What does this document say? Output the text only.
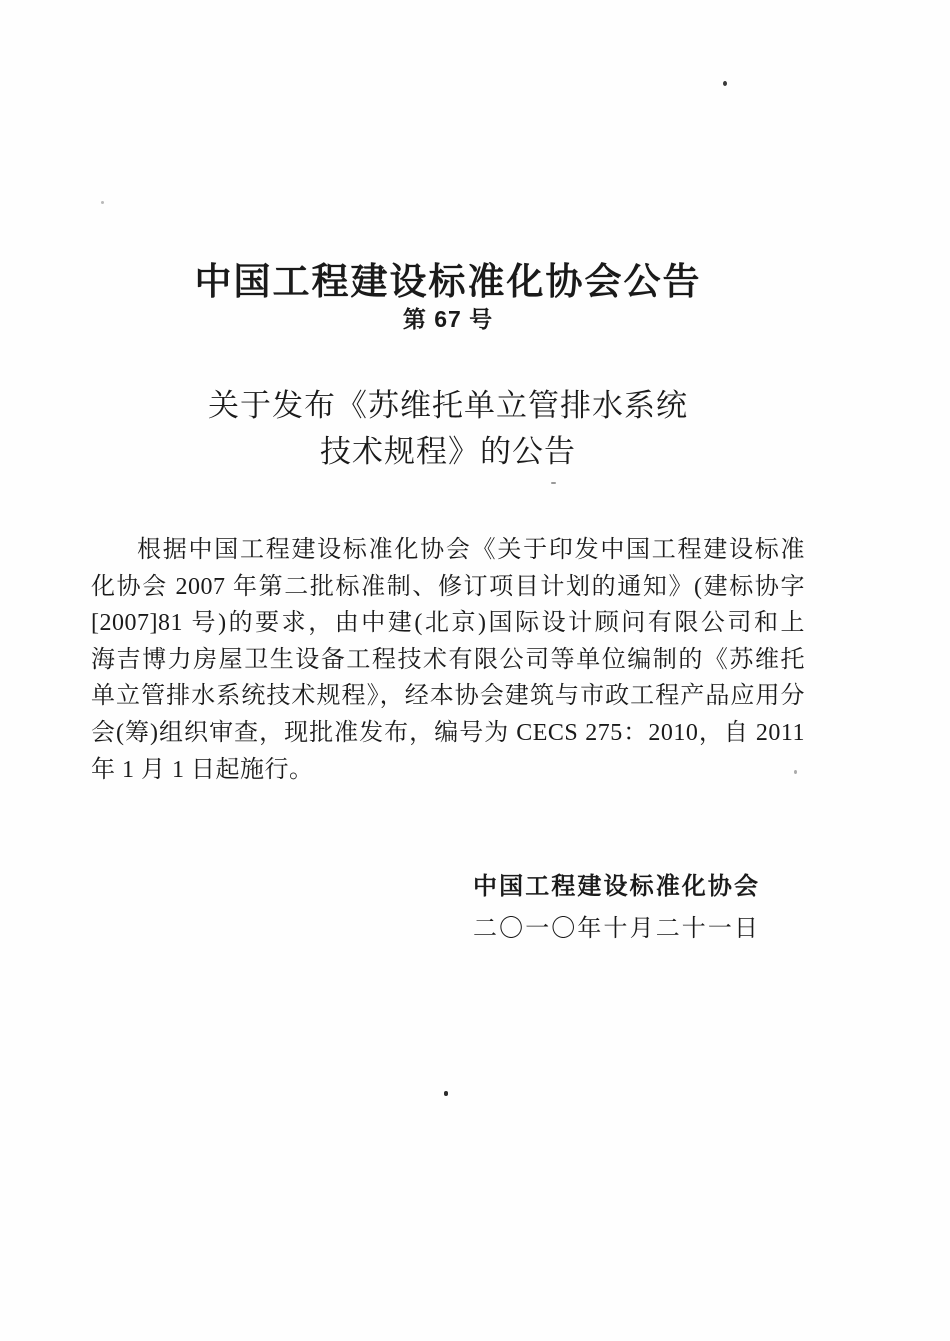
中国工程建设标准化协会公告
第 67 号
关于发布《苏维托单立管排水系统
技术规程》的公告
根据中国工程建设标准化协会《关于印发中国工程建设标准
化协会 2007 年第二批标准制、修订项目计划的通知》(建标协字
[2007]81 号)的要求，由中建(北京)国际设计顾问有限公司和上
海吉博力房屋卫生设备工程技术有限公司等单位编制的《苏维托
单立管排水系统技术规程》，经本协会建筑与市政工程产品应用分
会(筹)组织审查，现批准发布，编号为 CECS 275：2010，自 2011
年 1 月 1 日起施行。
中国工程建设标准化协会
二〇一〇年十月二十一日
